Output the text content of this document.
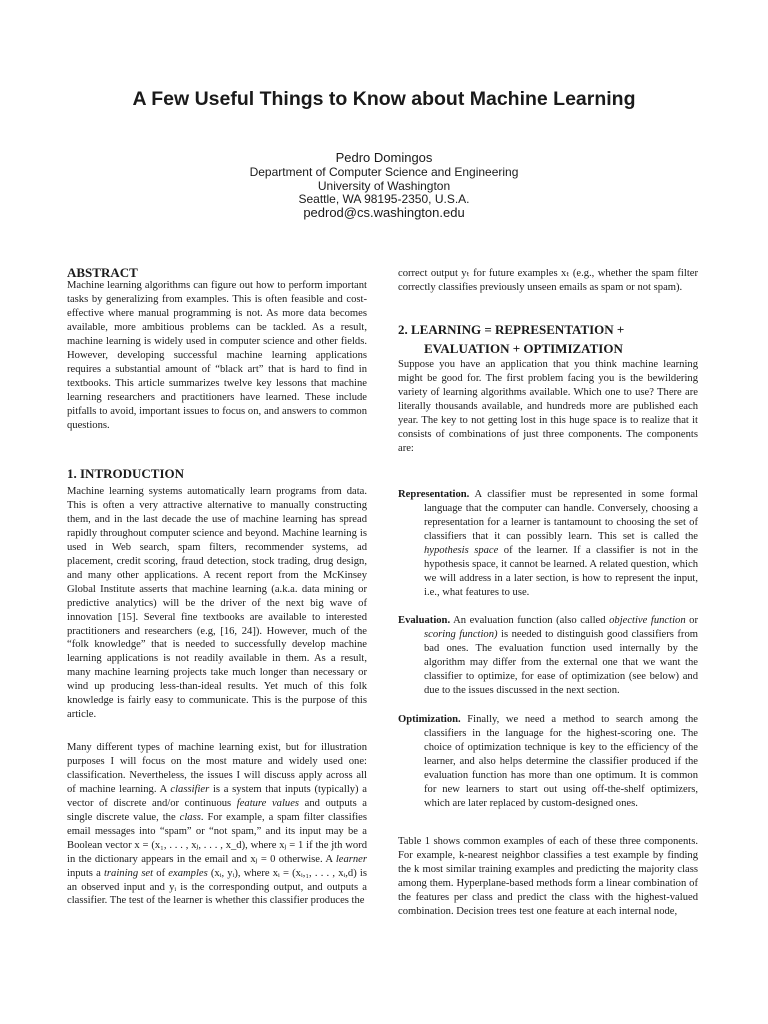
A Few Useful Things to Know about Machine Learning
Pedro Domingos
Department of Computer Science and Engineering
University of Washington
Seattle, WA 98195-2350, U.S.A.
pedrod@cs.washington.edu
ABSTRACT

Machine learning algorithms can figure out how to perform important tasks by generalizing from examples. This is often feasible and cost-effective where manual programming is not. As more data becomes available, more ambitious problems can be tackled. As a result, machine learning is widely used in computer science and other fields. However, developing successful machine learning applications requires a substantial amount of “black art” that is hard to find in textbooks. This article summarizes twelve key lessons that machine learning researchers and practitioners have learned. These include pitfalls to avoid, important issues to focus on, and answers to common questions.

1. INTRODUCTION

Machine learning systems automatically learn programs from data. This is often a very attractive alternative to manually constructing them, and in the last decade the use of machine learning has spread rapidly throughout computer science and beyond. Machine learning is used in Web search, spam filters, recommender systems, ad placement, credit scoring, fraud detection, stock trading, drug design, and many other applications. A recent report from the McKinsey Global Institute asserts that machine learning (a.k.a. data mining or predictive analytics) will be the driver of the next big wave of innovation [15]. Several fine textbooks are available to interested practitioners and researchers (e.g, [16, 24]). However, much of the “folk knowledge” that is needed to successfully develop machine learning applications is not readily available in them. As a result, many machine learning projects take much longer than necessary or wind up producing less-than-ideal results. Yet much of this folk knowledge is fairly easy to communicate. This is the purpose of this article.

Many different types of machine learning exist, but for illustration purposes I will focus on the most mature and widely used one: classification. Nevertheless, the issues I will discuss apply across all of machine learning. A classifier is a system that inputs (typically) a vector of discrete and/or continuous feature values and outputs a single discrete value, the class. For example, a spam filter classifies email messages into “spam” or “not spam,” and its input may be a Boolean vector x = (x₁, . . . , xⱼ, . . . , x_d), where xⱼ = 1 if the jth word in the dictionary appears in the email and xⱼ = 0 otherwise. A learner inputs a training set of examples (xᵢ, yᵢ), where xᵢ = (xᵢ,₁, . . . , xᵢ,d) is an observed input and yᵢ is the corresponding output, and outputs a classifier. The test of the learner is whether this classifier produces the

correct output yₜ for future examples xₜ (e.g., whether the spam filter correctly classifies previously unseen emails as spam or not spam).

2. LEARNING = REPRESENTATION +
EVALUATION + OPTIMIZATION

Suppose you have an application that you think machine learning might be good for. The first problem facing you is the bewildering variety of learning algorithms available. Which one to use? There are literally thousands available, and hundreds more are published each year. The key to not getting lost in this huge space is to realize that it consists of combinations of just three components. The components are:

Representation. A classifier must be represented in some formal language that the computer can handle. Conversely, choosing a representation for a learner is tantamount to choosing the set of classifiers that it can possibly learn. This set is called the hypothesis space of the learner. If a classifier is not in the hypothesis space, it cannot be learned. A related question, which we will address in a later section, is how to represent the input, i.e., what features to use.

Evaluation. An evaluation function (also called objective function or scoring function) is needed to distinguish good classifiers from bad ones. The evaluation function used internally by the algorithm may differ from the external one that we want the classifier to optimize, for ease of optimization (see below) and due to the issues discussed in the next section.

Optimization. Finally, we need a method to search among the classifiers in the language for the highest-scoring one. The choice of optimization technique is key to the efficiency of the learner, and also helps determine the classifier produced if the evaluation function has more than one optimum. It is common for new learners to start out using off-the-shelf optimizers, which are later replaced by custom-designed ones.

Table 1 shows common examples of each of these three components. For example, k-nearest neighbor classifies a test example by finding the k most similar training examples and predicting the majority class among them. Hyperplane-based methods form a linear combination of the features per class and predict the class with the highest-valued combination. Decision trees test one feature at each internal node,
